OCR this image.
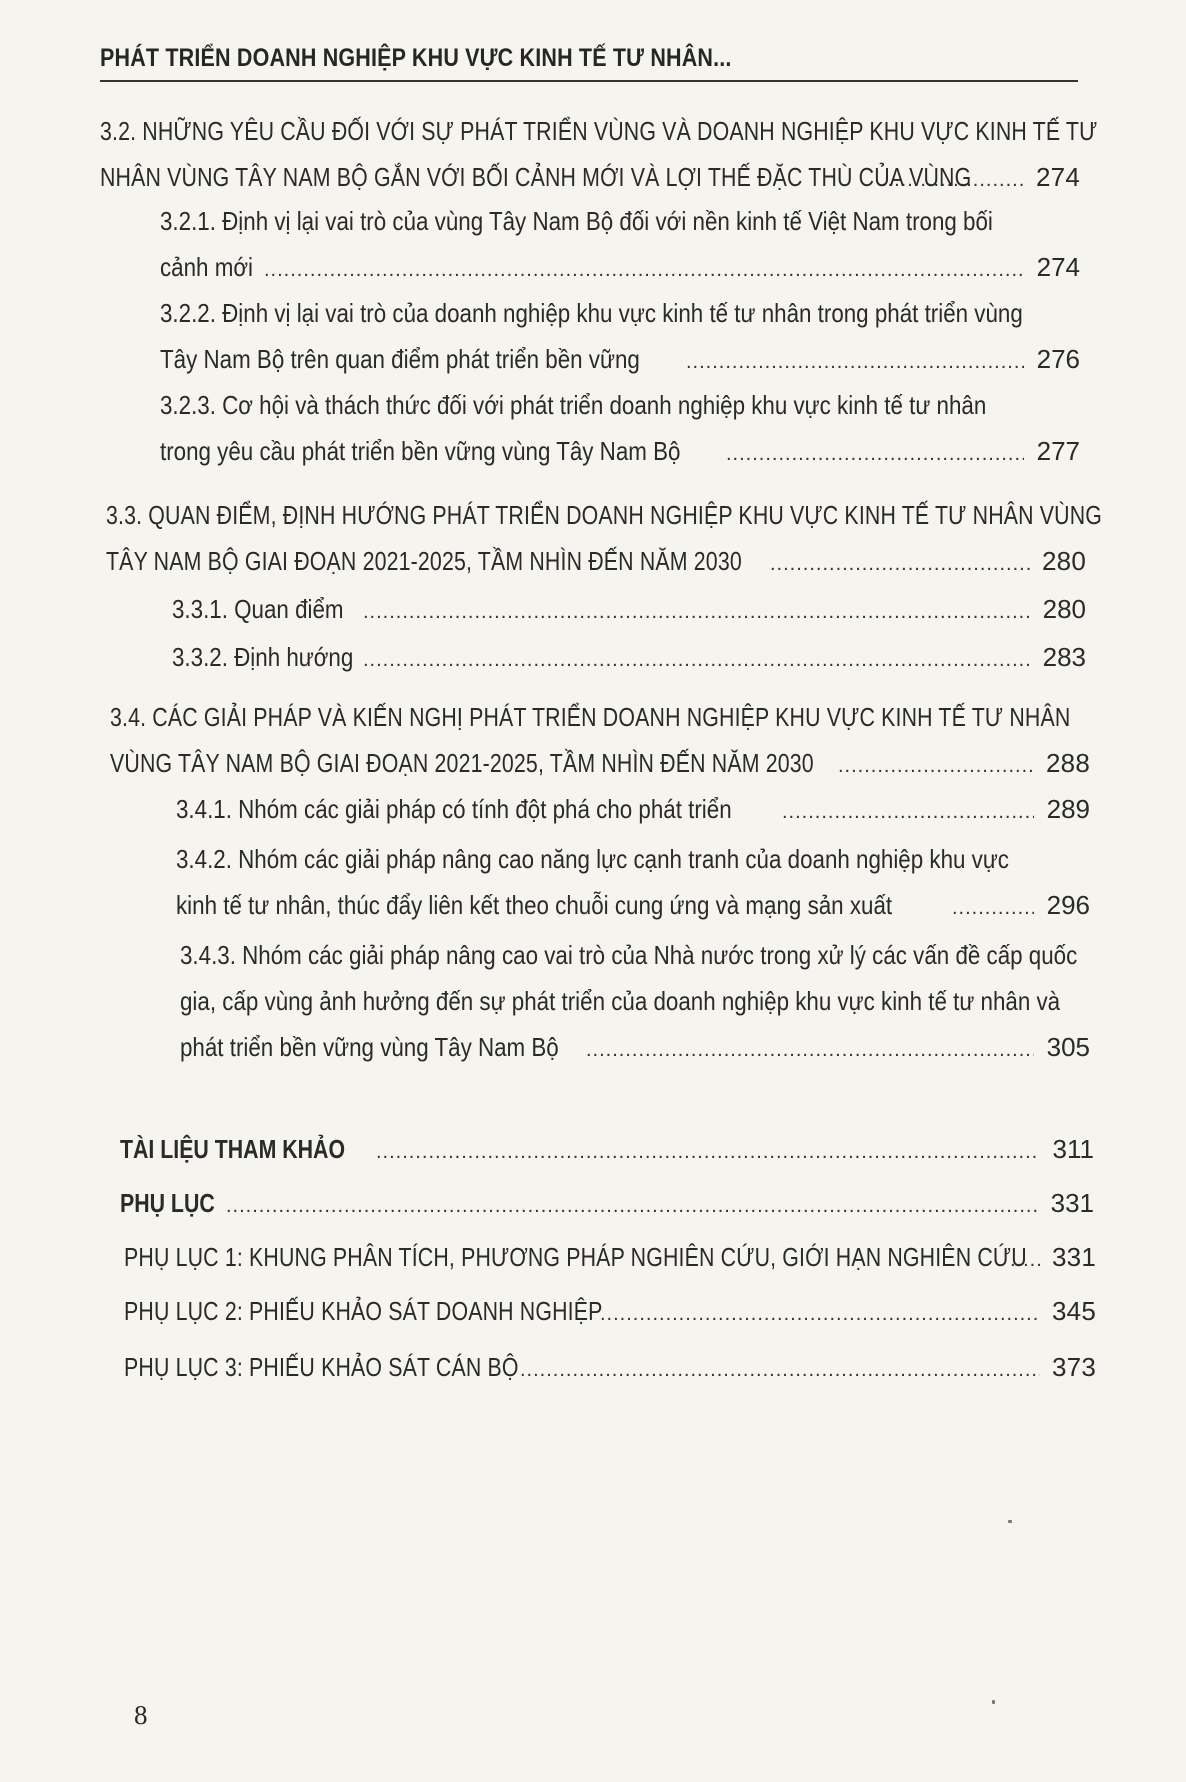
PHÁT TRIỂN DOANH NGHIỆP KHU VỰC KINH TẾ TƯ NHÂN...
3.2. NHỮNG YÊU CẦU ĐỐI VỚI SỰ PHÁT TRIỂN VÙNG VÀ DOANH NGHIỆP KHU VỰC KINH TẾ TƯ
NHÂN VÙNG TÂY NAM BỘ GẮN VỚI BỐI CẢNH MỚI VÀ LỢI THẾ ĐẶC THÙ CỦA VÙNG ..... 274
3.2.1. Định vị lại vai trò của vùng Tây Nam Bộ đối với nền kinh tế Việt Nam trong bối
cảnh mới .....	274
3.2.2. Định vị lại vai trò của doanh nghiệp khu vực kinh tế tư nhân trong phát triển vùng
Tây Nam Bộ trên quan điểm phát triển bền vững .....	276
3.2.3. Cơ hội và thách thức đối với phát triển doanh nghiệp khu vực kinh tế tư nhân
trong yêu cầu phát triển bền vững vùng Tây Nam Bộ .....	277
3.3. QUAN ĐIỂM, ĐỊNH HƯỚNG PHÁT TRIỂN DOANH NGHIỆP KHU VỰC KINH TẾ TƯ NHÂN VÙNG
TÂY NAM BỘ GIAI ĐOẠN 2021-2025, TẦM NHÌN ĐẾN NĂM 2030 .....	280
3.3.1. Quan điểm .....	280
3.3.2. Định hướng .....	283
3.4. CÁC GIẢI PHÁP VÀ KIẾN NGHỊ PHÁT TRIỂN DOANH NGHIỆP KHU VỰC KINH TẾ TƯ NHÂN
VÙNG TÂY NAM BỘ GIAI ĐOẠN 2021-2025, TẦM NHÌN ĐẾN NĂM 2030 .....	288
3.4.1. Nhóm các giải pháp có tính đột phá cho phát triển .....	289
3.4.2. Nhóm các giải pháp nâng cao năng lực cạnh tranh của doanh nghiệp khu vực
kinh tế tư nhân, thúc đẩy liên kết theo chuỗi cung ứng và mạng sản xuất .....	296
3.4.3. Nhóm các giải pháp nâng cao vai trò của Nhà nước trong xử lý các vấn đề cấp quốc
gia, cấp vùng ảnh hưởng đến sự phát triển của doanh nghiệp khu vực kinh tế tư nhân và
phát triển bền vững vùng Tây Nam Bộ .....	305
TÀI LIỆU THAM KHẢO .....	311
PHỤ LỤC .....	331
PHỤ LỤC 1: KHUNG PHÂN TÍCH, PHƯƠNG PHÁP NGHIÊN CỨU, GIỚI HẠN NGHIÊN CỨU ..... 331
PHỤ LỤC 2: PHIẾU KHẢO SÁT DOANH NGHIỆP .....	345
PHỤ LỤC 3: PHIẾU KHẢO SÁT CÁN BỘ .....	373
8
